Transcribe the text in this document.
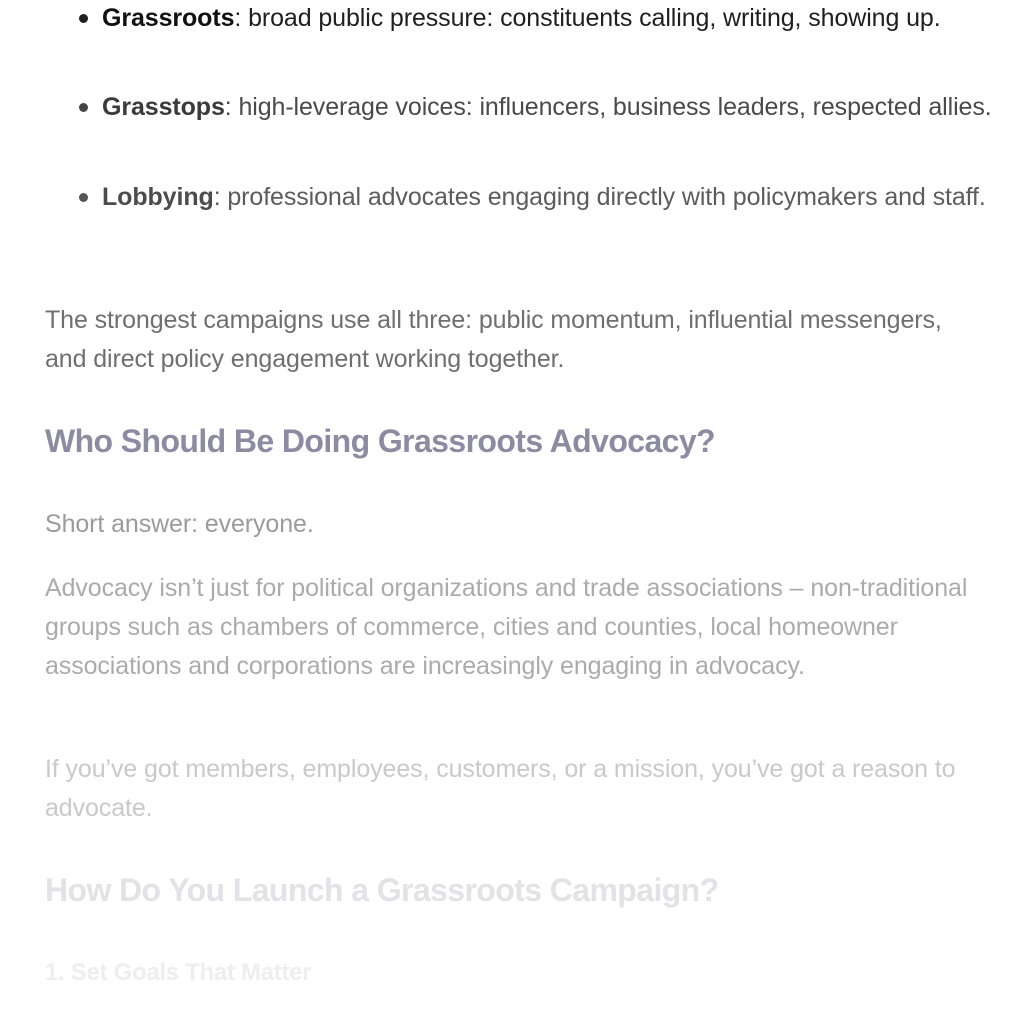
Grassroots: broad public pressure: constituents calling, writing, showing up.
Grasstops: high-leverage voices: influencers, business leaders, respected allies.
Lobbying: professional advocates engaging directly with policymakers and staff.

The strongest campaigns use all three: public momentum, influential messengers, and direct policy engagement working together.

Who Should Be Doing Grassroots Advocacy?

Short answer: everyone.

Advocacy isn’t just for political organizations and trade associations – non-traditional groups such as chambers of commerce, cities and counties, local homeowner associations and corporations are increasingly engaging in advocacy.

If you’ve got members, employees, customers, or a mission, you’ve got a reason to advocate.

How Do You Launch a Grassroots Campaign?
1. Set Goals That Matter
